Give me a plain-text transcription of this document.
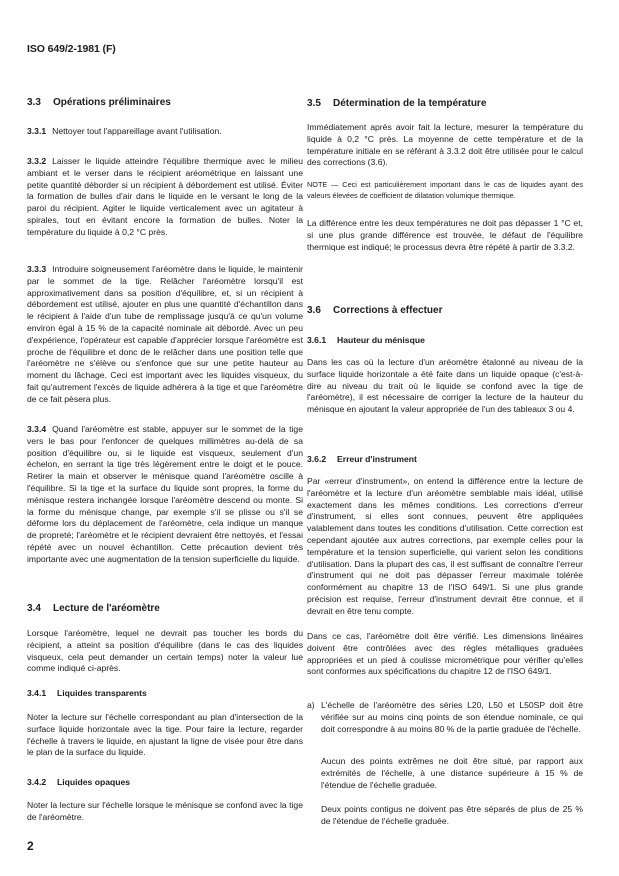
ISO 649/2-1981 (F)
3.3 Opérations préliminaires

3.3.1 Nettoyer tout l'appareillage avant l'utilisation.

3.3.2 Laisser le liquide atteindre l'équilibre thermique avec le milieu ambiant et le verser dans le récipient aréométrique en laissant une petite quantité déborder si un récipient à débordement est utilisé. Éviter la formation de bulles d'air dans le liquide en le versant le long de la paroi du récipient. Agiter le liquide verticalement avec un agitateur à spirales, tout en évitant encore la formation de bulles. Noter la température du liquide à 0,2 °C près.

3.3.3 Introduire soigneusement l'aréomètre dans le liquide, le maintenir par le sommet de la tige. Relâcher l'aréomètre lorsqu'il est approximativement dans sa position d'équilibre, et, si un récipient à débordement est utilisé, ajouter en plus une quantité d'échantillon dans le récipient à l'aide d'un tube de remplissage jusqu'à ce qu'un volume environ égal à 15 % de la capacité nominale ait débordé. Avec un peu d'expérience, l'opérateur est capable d'apprécier lorsque l'aréomètre est proche de l'équilibre et donc de le relâcher dans une position telle que l'aréomètre ne s'élève ou s'enfonce que sur une petite hauteur au moment du lâchage. Ceci est important avec les liquides visqueux, du fait qu'autrement l'excès de liquide adhérera à la tige et que l'aréomètre de ce fait pèsera plus.

3.3.4 Quand l'aréomètre est stable, appuyer sur le sommet de la tige vers le bas pour l'enfoncer de quelques millimètres au-delà de sa position d'équilibre ou, si le liquide est visqueux, seulement d'un échelon, en serrant la tige très légèrement entre le doigt et le pouce. Retirer la main et observer le ménisque quand l'aréomètre oscille à l'équilibre. Si la tige et la surface du liquide sont propres, la forme du ménisque restera inchangée lorsque l'aréomètre descend ou monte. Si la forme du ménisque change, par exemple s'il se plisse ou s'il se déforme lors du déplacement de l'aréomètre, cela indique un manque de propreté; l'aréomètre et le récipient devraient être nettoyés, et l'essai répété avec un nouvel échantillon. Cette précaution devient très importante avec une augmentation de la tension superficielle du liquide.

3.4 Lecture de l'aréomètre

Lorsque l'aréomètre, lequel ne devrait pas toucher les bords du récipient, a atteint sa position d'équilibre (dans le cas des liquides visqueux, cela peut demander un certain temps) noter la valeur lue comme indiqué ci-après.

3.4.1 Liquides transparents

Noter la lecture sur l'échelle correspondant au plan d'intersection de la surface liquide horizontale avec la tige. Pour faire la lecture, regarder l'échelle à travers le liquide, en ajustant la ligne de visée pour être dans le plan de la surface du liquide.

3.4.2 Liquides opaques

Noter la lecture sur l'échelle lorsque le ménisque se confond avec la tige de l'aréomètre.

3.5 Détermination de la température

Immédiatement après avoir fait la lecture, mesurer la température du liquide à 0,2 °C près. La moyenne de cette température et de la température initiale en se référant à 3.3.2 doit être utilisée pour le calcul des corrections (3.6).

NOTE — Ceci est particulièrement important dans le cas de liquides ayant des valeurs élevées de coefficient de dilatation volumique thermique.

La différence entre les deux températures ne doit pas dépasser 1 °C et, si une plus grande différence est trouvée, le défaut de l'équilibre thermique est indiqué; le processus devra être répété à partir de 3.3.2.

3.6 Corrections à effectuer
3.6.1 Hauteur du ménisque

Dans les cas où la lecture d'un aréomètre étalonné au niveau de la surface liquide horizontale a été faite dans un liquide opaque (c'est-à-dire au niveau du trait où le liquide se confond avec la tige de l'aréomètre), il est nécessaire de corriger la lecture de la hauteur du ménisque en ajoutant la valeur appropriée de l'un des tableaux 3 ou 4.

3.6.2 Erreur d'instrument

Par «erreur d'instrument», on entend la différence entre la lecture de l'aréomètre et la lecture d'un aréomètre semblable mais idéal, utilisé exactement dans les mêmes conditions. Les corrections d'erreur d'instrument, si elles sont connues, peuvent être appliquées valablement dans toutes les conditions d'utilisation. Cette correction est cependant ajoutée aux autres corrections, par exemple celles pour la température et la tension superficielle, qui varient selon les conditions d'utilisation. Dans la plupart des cas, il est suffisant de connaître l'erreur d'instrument qui ne doit pas dépasser l'erreur maximale tolérée conformément au chapitre 13 de l'ISO 649/1. Si une plus grande précision est requise, l'erreur d'instrument devrait être connue, et il devrait en être tenu compte.

Dans ce cas, l'aréomètre doit être vérifié. Les dimensions linéaires doivent être contrôlées avec des règles métalliques graduées appropriées et un pied à coulisse micrométrique pour vérifier qu'elles sont conformes aux spécifications du chapitre 12 de l'ISO 649/1.

a) L'échelle de l'aréomètre des séries L20, L50 et L50SP doit être vérifiée sur au moins cinq points de son étendue nominale, ce qui doit correspondre à au moins 80 % de la partie graduée de l'échelle.

Aucun des points extrêmes ne doit être situé, par rapport aux extrémités de l'échelle, à une distance supérieure à 15 % de l'étendue de l'échelle graduée.

Deux points contigus ne doivent pas être séparés de plus de 25 % de l'étendue de l'échelle graduée.

2
